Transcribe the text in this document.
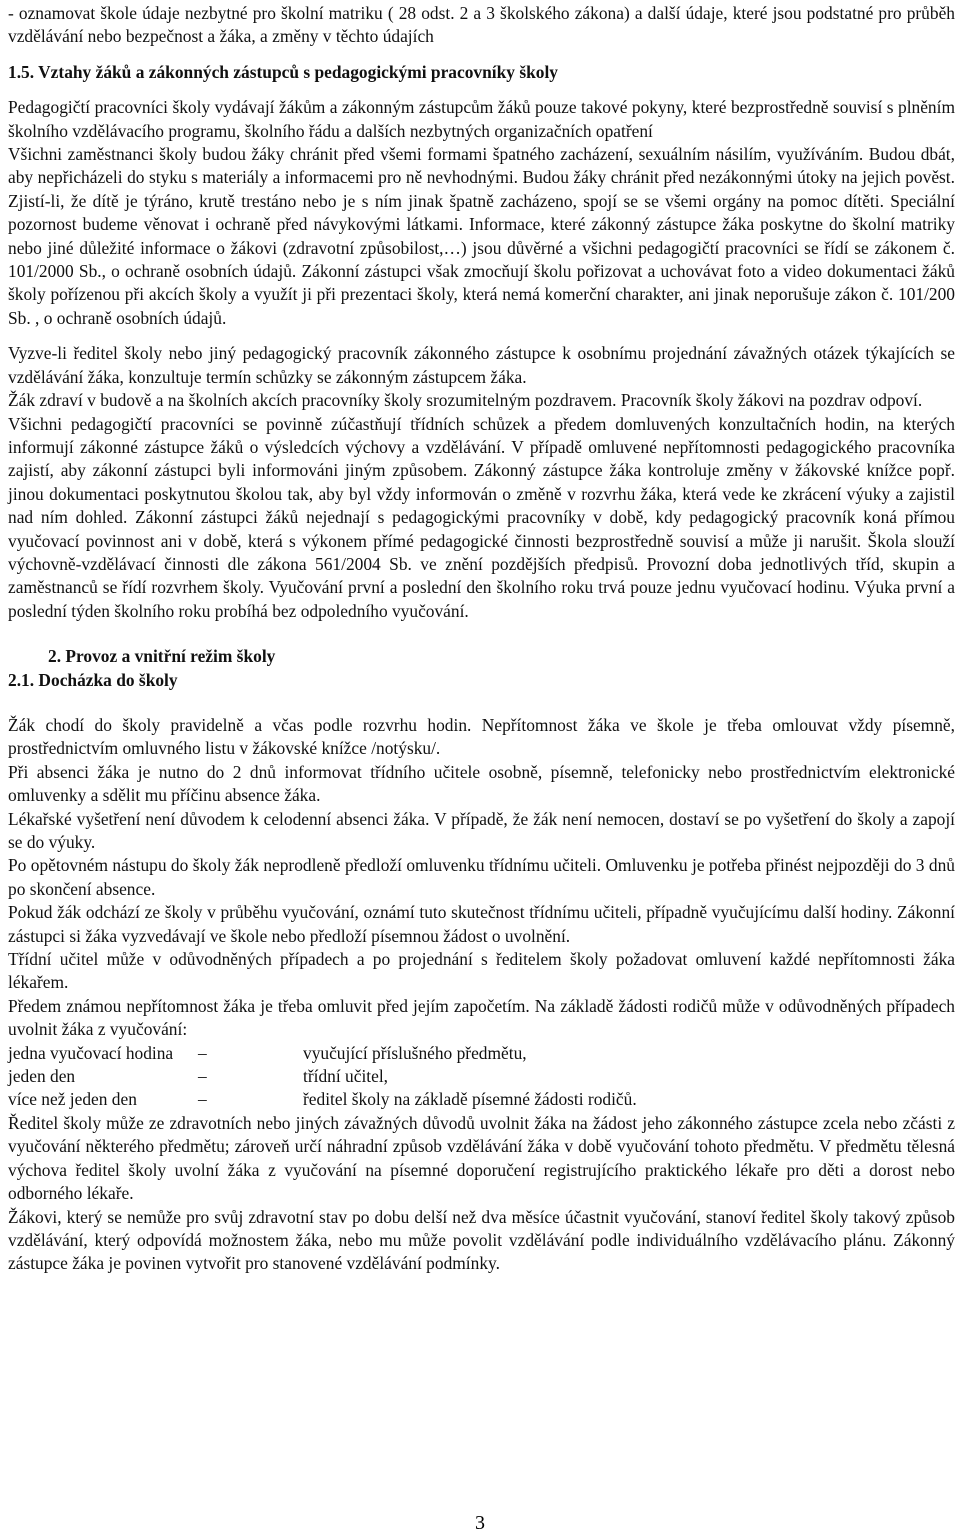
- oznamovat škole údaje nezbytné pro školní matriku ( 28 odst. 2 a 3 školského zákona) a další údaje, které jsou podstatné pro průběh vzdělávání nebo bezpečnost a žáka, a změny v těchto údajích

1.5. Vztahy žáků a zákonných zástupců s pedagogickými pracovníky školy

Pedagogičtí pracovníci školy vydávají žákům a zákonným zástupcům žáků pouze takové pokyny, které bezprostředně souvisí s plněním školního vzdělávacího programu, školního řádu a dalších nezbytných organizačních opatření

Všichni zaměstnanci školy budou žáky chránit před všemi formami špatného zacházení, sexuálním násilím, využíváním. Budou dbát, aby nepřicházeli do styku s materiály a informacemi pro ně nevhodnými. Budou žáky chránit před nezákonnými útoky na jejich pověst. Zjistí-li, že dítě je týráno, krutě trestáno nebo je s ním jinak špatně zacházeno, spojí se se všemi orgány na pomoc dítěti. Speciální pozornost budeme věnovat i ochraně před návykovými látkami. Informace, které zákonný zástupce žáka poskytne do školní matriky nebo jiné důležité informace o žákovi (zdravotní způsobilost,…) jsou důvěrné a všichni pedagogičtí pracovníci se řídí se zákonem č. 101/2000 Sb., o ochraně osobních údajů. Zákonní zástupci však zmocňují školu pořizovat a uchovávat foto a video dokumentaci žáků školy pořízenou při akcích školy a využít ji při prezentaci školy, která nemá komerční charakter, ani jinak neporušuje zákon č. 101/200 Sb. , o ochraně osobních údajů.

Vyzve-li ředitel školy nebo jiný pedagogický pracovník zákonného zástupce k osobnímu projednání závažných otázek týkajících se vzdělávání žáka, konzultuje termín schůzky se zákonným zástupcem žáka.

Žák zdraví v budově a na školních akcích pracovníky školy srozumitelným pozdravem. Pracovník školy žákovi na pozdrav odpoví.

Všichni pedagogičtí pracovníci se povinně zúčastňují třídních schůzek a předem domluvených konzultačních hodin, na kterých informují zákonné zástupce žáků o výsledcích výchovy a vzdělávání. V případě omluvené nepřítomnosti pedagogického pracovníka zajistí, aby zákonní zástupci byli informováni jiným způsobem. Zákonný zástupce žáka kontroluje změny v žákovské knížce popř. jinou dokumentaci poskytnutou školou tak, aby byl vždy informován o změně v rozvrhu žáka, která vede ke zkrácení výuky a zajistil nad ním dohled. Zákonní zástupci žáků nejednají s pedagogickými pracovníky v době, kdy pedagogický pracovník koná přímou vyučovací povinnost ani v době, která s výkonem přímé pedagogické činnosti bezprostředně souvisí a může ji narušit. Škola slouží výchovně-vzdělávací činnosti dle zákona 561/2004 Sb. ve znění pozdějších předpisů. Provozní doba jednotlivých tříd, skupin a zaměstnanců se řídí rozvrhem školy. Vyučování první a poslední den školního roku trvá pouze jednu vyučovací hodinu. Výuka první a poslední týden školního roku probíhá bez odpoledního vyučování.

2. Provoz a vnitřní režim školy

2.1. Docházka do školy

Žák chodí do školy pravidelně a včas podle rozvrhu hodin. Nepřítomnost žáka ve škole je třeba omlouvat vždy písemně, prostřednictvím omluvného listu v žákovské knížce /notýsku/.

Při absenci žáka je nutno do 2 dnů informovat třídního učitele osobně, písemně, telefonicky nebo prostřednictvím elektronické omluvenky a sdělit mu příčinu absence žáka.

Lékařské vyšetření není důvodem k celodenní absenci žáka. V případě, že žák není nemocen, dostaví se po vyšetření do školy a zapojí se do výuky.

Po opětovném nástupu do školy žák neprodleně předloží omluvenku třídnímu učiteli. Omluvenku je potřeba přinést nejpozději do 3 dnů po skončení absence.

Pokud žák odchází ze školy v průběhu vyučování, oznámí tuto skutečnost třídnímu učiteli, případně vyučujícímu další hodiny. Zákonní zástupci si žáka vyzvedávají ve škole nebo předloží písemnou žádost o uvolnění.

Třídní učitel může v odůvodněných případech a po projednání s ředitelem školy požadovat omluvení každé nepřítomnosti žáka lékařem.

Předem známou nepřítomnost žáka je třeba omluvit před jejím započetím. Na základě žádosti rodičů může v odůvodněných případech uvolnit žáka z vyučování:

jedna vyučovací hodina	–	vyučující příslušného předmětu,
jeden den	–	třídní učitel,
více než jeden den	–	ředitel školy na základě písemné žádosti rodičů.

Ředitel školy může ze zdravotních nebo jiných závažných důvodů uvolnit žáka na žádost jeho zákonného zástupce zcela nebo zčásti z vyučování některého předmětu; zároveň určí náhradní způsob vzdělávání žáka v době vyučování tohoto předmětu. V předmětu tělesná výchova ředitel školy uvolní žáka z vyučování na písemné doporučení registrujícího praktického lékaře pro děti a dorost nebo odborného lékaře.

Žákovi, který se nemůže pro svůj zdravotní stav po dobu delší než dva měsíce účastnit vyučování, stanoví ředitel školy takový způsob vzdělávání, který odpovídá možnostem žáka, nebo mu může povolit vzdělávání podle individuálního vzdělávacího plánu. Zákonný zástupce žáka je povinen vytvořit pro stanovené vzdělávání podmínky.

3
